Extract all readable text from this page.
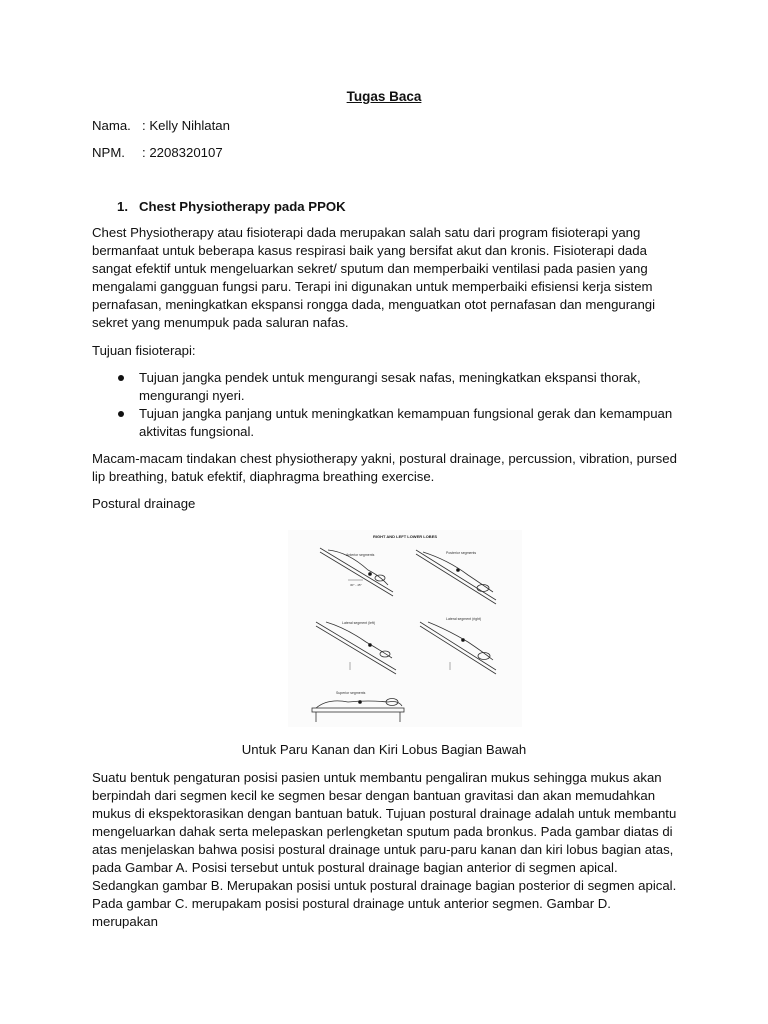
Tugas Baca
Nama. : Kelly Nihlatan
NPM. : 2208320107
1. Chest Physiotherapy pada PPOK

Chest Physiotherapy atau fisioterapi dada merupakan salah satu dari program fisioterapi yang bermanfaat untuk beberapa kasus respirasi baik yang bersifat akut dan kronis. Fisioterapi dada sangat efektif untuk mengeluarkan sekret/ sputum dan memperbaiki ventilasi pada pasien yang mengalami gangguan fungsi paru. Terapi ini digunakan untuk memperbaiki efisiensi kerja sistem pernafasan, meningkatkan ekspansi rongga dada, menguatkan otot pernafasan dan mengurangi sekret yang menumpuk pada saluran nafas.

Tujuan fisioterapi:

Tujuan jangka pendek untuk mengurangi sesak nafas, meningkatkan ekspansi thorak, mengurangi nyeri.
Tujuan jangka panjang untuk meningkatkan kemampuan fungsional gerak dan kemampuan aktivitas fungsional.

Macam-macam tindakan chest physiotherapy yakni, postural drainage, percussion, vibration, pursed lip breathing, batuk efektif, diaphragma breathing exercise.

Postural drainage

RIGHT AND LEFT LOWER LOBES
Anterior segments
30° - 45°
Posterior segments
Lateral segment (left)
Lateral segment (right)
Superior segments
Untuk Paru Kanan dan Kiri Lobus Bagian Bawah

Suatu bentuk pengaturan posisi pasien untuk membantu pengaliran mukus sehingga mukus akan berpindah dari segmen kecil ke segmen besar dengan bantuan gravitasi dan akan memudahkan mukus di ekspektorasikan dengan bantuan batuk. Tujuan postural drainage adalah untuk membantu mengeluarkan dahak serta melepaskan perlengketan sputum pada bronkus. Pada gambar diatas di atas menjelaskan bahwa posisi postural drainage untuk paru-paru kanan dan kiri lobus bagian atas, pada Gambar A. Posisi tersebut untuk postural drainage bagian anterior di segmen apical. Sedangkan gambar B. Merupakan posisi untuk postural drainage bagian posterior di segmen apical. Pada gambar C. merupakam posisi postural drainage untuk anterior segmen. Gambar D. merupakan
